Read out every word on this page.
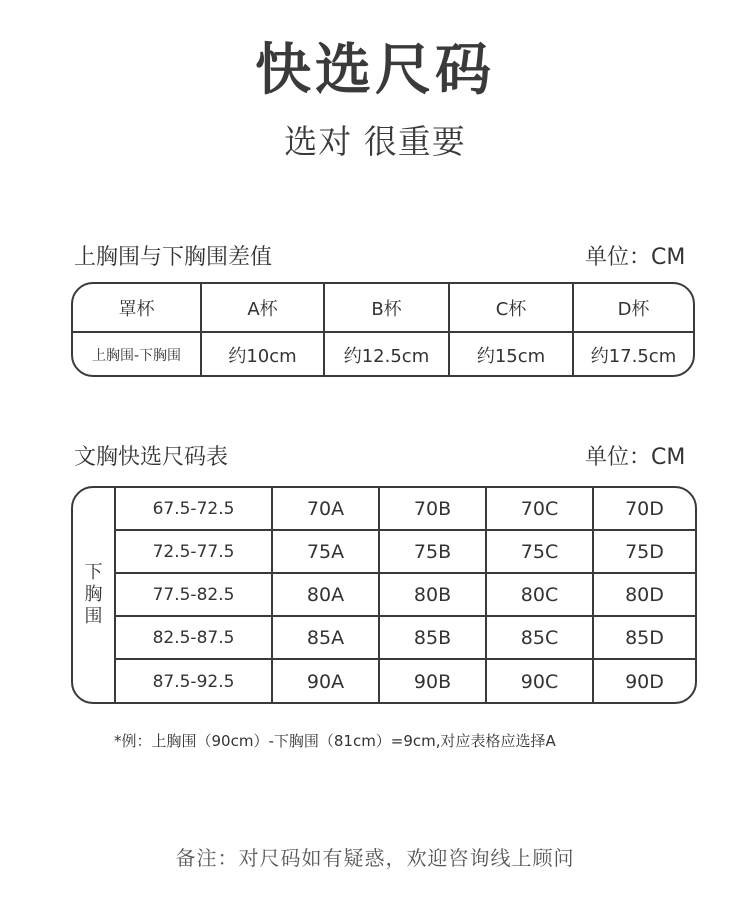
快选尺码
选对 很重要
上胸围与下胸围差值	单位：CM
罩杯	A杯	B杯	C杯	D杯
上胸围-下胸围	约10cm	约12.5cm	约15cm	约17.5cm
文胸快选尺码表	单位：CM
下
胸
围
67.5-72.5	70A	70B	70C	70D
72.5-77.5	75A	75B	75C	75D
77.5-82.5	80A	80B	80C	80D
82.5-87.5	85A	85B	85C	85D
87.5-92.5	90A	90B	90C	90D
*例：上胸围（90cm）-下胸围（81cm）=9cm,对应表格应选择A
备注：对尺码如有疑惑，欢迎咨询线上顾问
